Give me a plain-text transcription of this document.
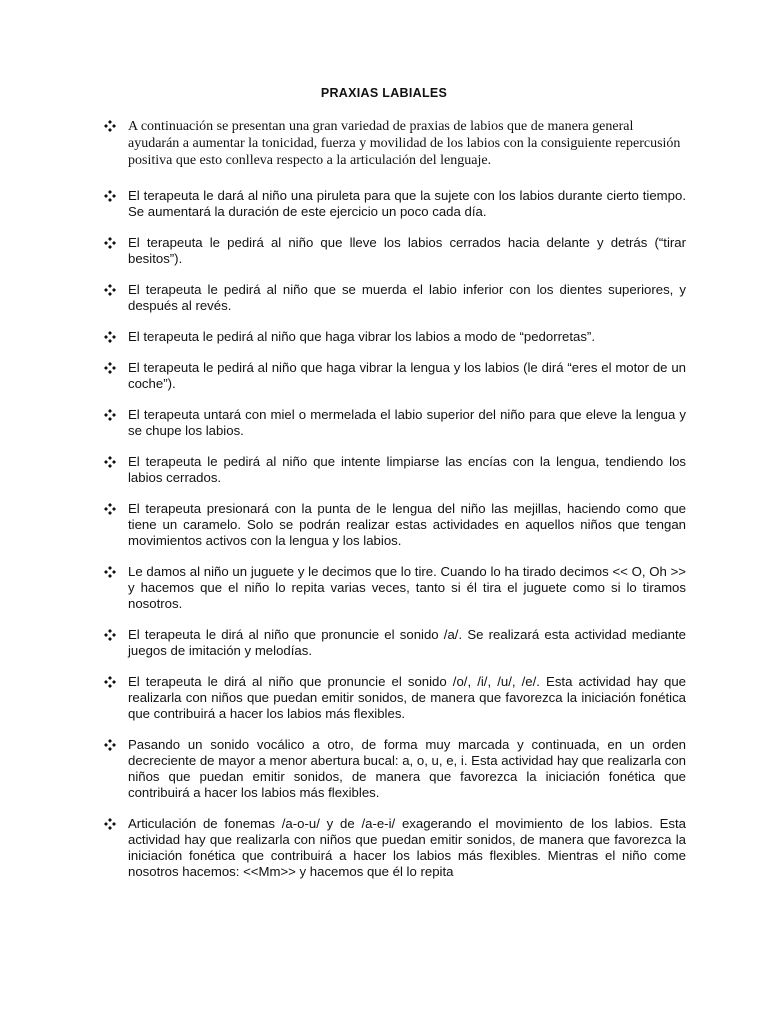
PRAXIAS LABIALES
A continuación se presentan una gran variedad de praxias de labios que de manera general ayudarán a aumentar la tonicidad, fuerza y movilidad de los labios con la consiguiente repercusión positiva que esto conlleva respecto a la articulación del lenguaje.
El terapeuta le dará al niño una piruleta para que la sujete con los labios durante cierto tiempo. Se aumentará la duración de este ejercicio un poco cada día.
El terapeuta le pedirá al niño que lleve los labios cerrados hacia delante y detrás (“tirar besitos”).
El terapeuta le pedirá al niño que se muerda el labio inferior con los dientes superiores, y después al revés.
El terapeuta le pedirá al niño que haga vibrar los labios a modo de “pedorretas”.
El terapeuta le pedirá al niño que haga vibrar la lengua y los labios (le dirá “eres el motor de un coche”).
El terapeuta untará con miel o mermelada el labio superior del niño para que eleve la lengua y se chupe los labios.
El terapeuta le pedirá al niño que intente limpiarse las encías con la lengua, tendiendo los labios cerrados.
El terapeuta presionará con la punta de le lengua del niño las mejillas, haciendo como que tiene un caramelo. Solo se podrán realizar estas actividades en aquellos niños que tengan movimientos activos con la lengua y los labios.
Le damos al niño un juguete y le decimos que lo tire. Cuando lo ha tirado decimos << O, Oh >> y hacemos que el niño lo repita varias veces, tanto si él tira el juguete como si lo tiramos nosotros.
El terapeuta le dirá al niño que pronuncie el sonido /a/. Se realizará esta actividad mediante juegos de imitación y melodías.
El terapeuta le dirá al niño que pronuncie el sonido /o/, /i/, /u/, /e/. Esta actividad hay que realizarla con niños que puedan emitir sonidos, de manera que favorezca la iniciación fonética que contribuirá a hacer los labios más flexibles.
Pasando un sonido vocálico a otro, de forma muy marcada y continuada, en un orden decreciente de mayor a menor abertura bucal: a, o, u, e, i. Esta actividad hay que realizarla con niños que puedan emitir sonidos, de manera que favorezca la iniciación fonética que contribuirá a hacer los labios más flexibles.
Articulación de fonemas /a-o-u/ y de /a-e-i/ exagerando el movimiento de los labios. Esta actividad hay que realizarla con niños que puedan emitir sonidos, de manera que favorezca la iniciación fonética que contribuirá a hacer los labios más flexibles. Mientras el niño come nosotros hacemos: <<Mm>> y hacemos que él lo repita
